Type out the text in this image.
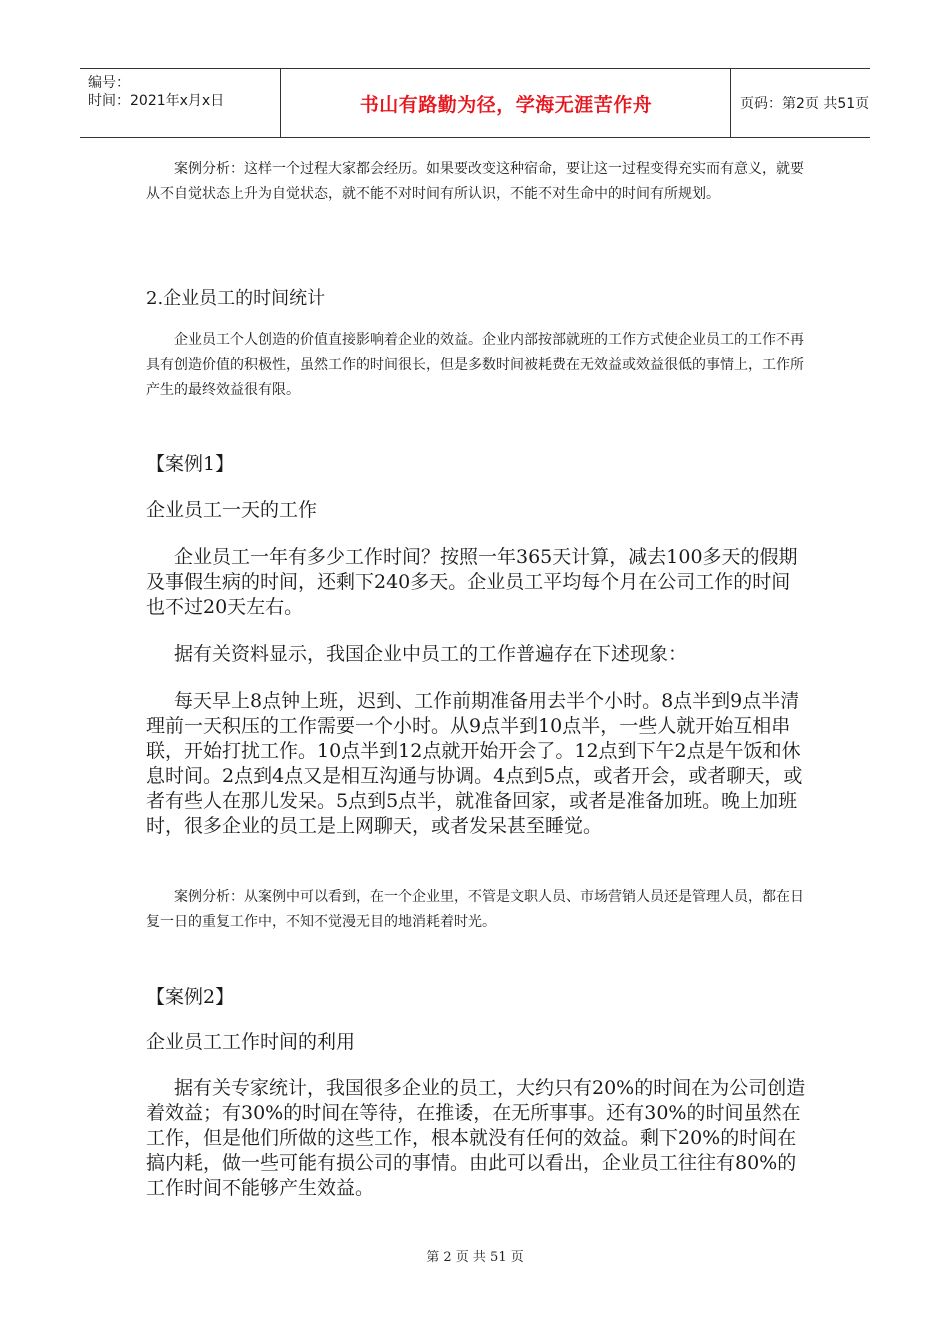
编号：
时间：2021年x月x日	书山有路勤为径，学海无涯苦作舟	页码：第2页 共51页

案例分析：这样一个过程大家都会经历。如果要改变这种宿命，要让这一过程变得充实而有意义，就要从不自觉状态上升为自觉状态，就不能不对时间有所认识，不能不对生命中的时间有所规划。

2.企业员工的时间统计

企业员工个人创造的价值直接影响着企业的效益。企业内部按部就班的工作方式使企业员工的工作不再具有创造价值的积极性，虽然工作的时间很长，但是多数时间被耗费在无效益或效益很低的事情上，工作所产生的最终效益很有限。

【案例1】

企业员工一天的工作

企业员工一年有多少工作时间？按照一年365天计算，减去100多天的假期及事假生病的时间，还剩下240多天。企业员工平均每个月在公司工作的时间也不过20天左右。

据有关资料显示，我国企业中员工的工作普遍存在下述现象：

每天早上8点钟上班，迟到、工作前期准备用去半个小时。8点半到9点半清理前一天积压的工作需要一个小时。从9点半到10点半，一些人就开始互相串联，开始打扰工作。10点半到12点就开始开会了。12点到下午2点是午饭和休息时间。2点到4点又是相互沟通与协调。4点到5点，或者开会，或者聊天，或者有些人在那儿发呆。5点到5点半，就准备回家，或者是准备加班。晚上加班时，很多企业的员工是上网聊天，或者发呆甚至睡觉。

案例分析：从案例中可以看到，在一个企业里，不管是文职人员、市场营销人员还是管理人员，都在日复一日的重复工作中，不知不觉漫无目的地消耗着时光。

【案例2】

企业员工工作时间的利用

据有关专家统计，我国很多企业的员工，大约只有20%的时间在为公司创造着效益；有30%的时间在等待，在推诿，在无所事事。还有30%的时间虽然在工作，但是他们所做的这些工作，根本就没有任何的效益。剩下20%的时间在搞内耗，做一些可能有损公司的事情。由此可以看出，企业员工往往有80%的工作时间不能够产生效益。

第 2 页 共 51 页
